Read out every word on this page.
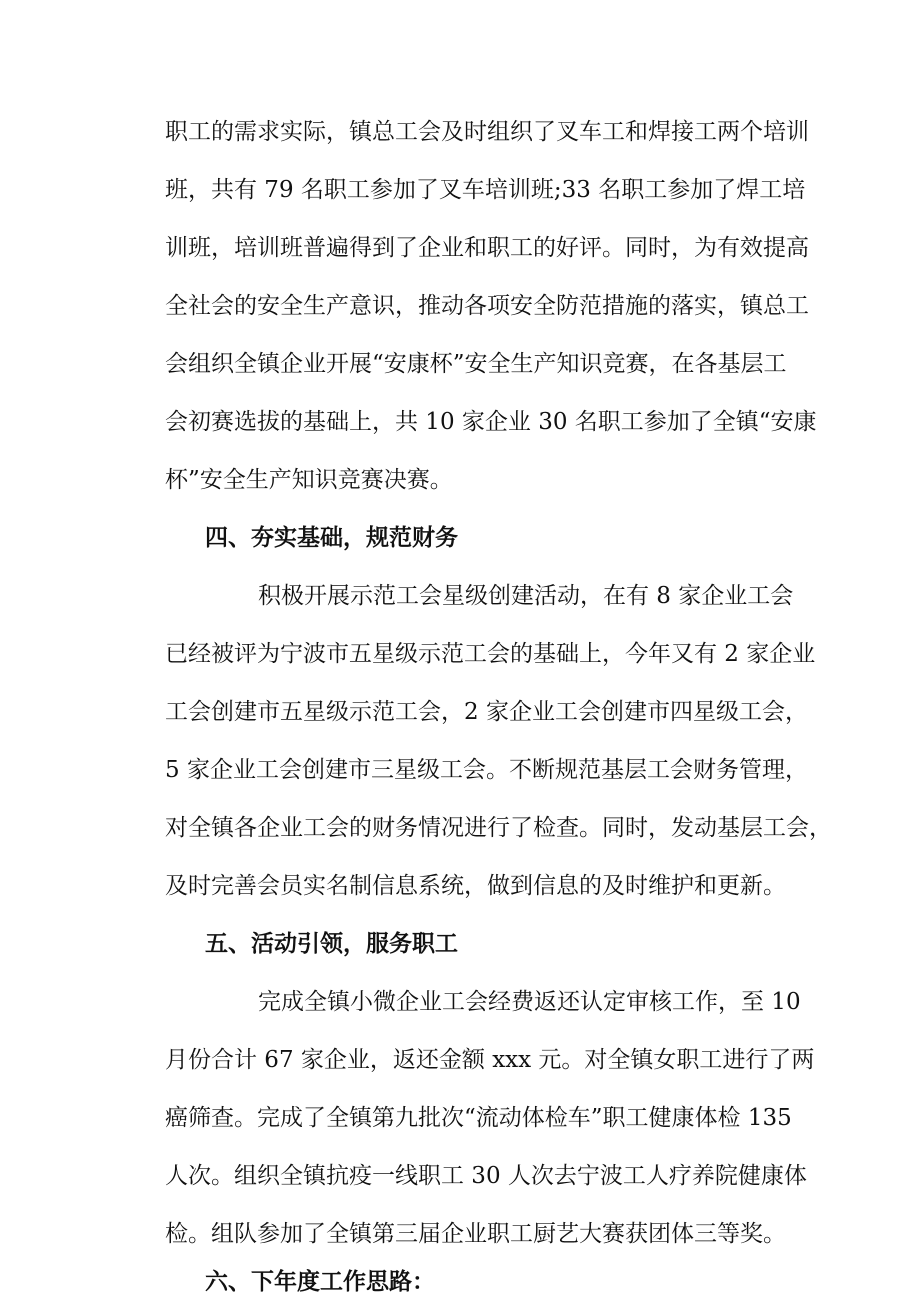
职工的需求实际，镇总工会及时组织了叉车工和焊接工两个培训
班，共有 79 名职工参加了叉车培训班;33 名职工参加了焊工培
训班，培训班普遍得到了企业和职工的好评。同时，为有效提高
全社会的安全生产意识，推动各项安全防范措施的落实，镇总工
会组织全镇企业开展“安康杯”安全生产知识竞赛，在各基层工
会初赛选拔的基础上，共 10 家企业 30 名职工参加了全镇“安康
杯”安全生产知识竞赛决赛。
四、夯实基础，规范财务
积极开展示范工会星级创建活动，在有 8 家企业工会
已经被评为宁波市五星级示范工会的基础上，今年又有 2 家企业
工会创建市五星级示范工会，2 家企业工会创建市四星级工会，
5 家企业工会创建市三星级工会。不断规范基层工会财务管理，
对全镇各企业工会的财务情况进行了检查。同时，发动基层工会，
及时完善会员实名制信息系统，做到信息的及时维护和更新。
五、活动引领，服务职工
完成全镇小微企业工会经费返还认定审核工作，至 10
月份合计 67 家企业，返还金额 xxx 元。对全镇女职工进行了两
癌筛查。完成了全镇第九批次“流动体检车”职工健康体检 135
人次。组织全镇抗疫一线职工 30 人次去宁波工人疗养院健康体
检。组队参加了全镇第三届企业职工厨艺大赛获团体三等奖。
六、下年度工作思路：
